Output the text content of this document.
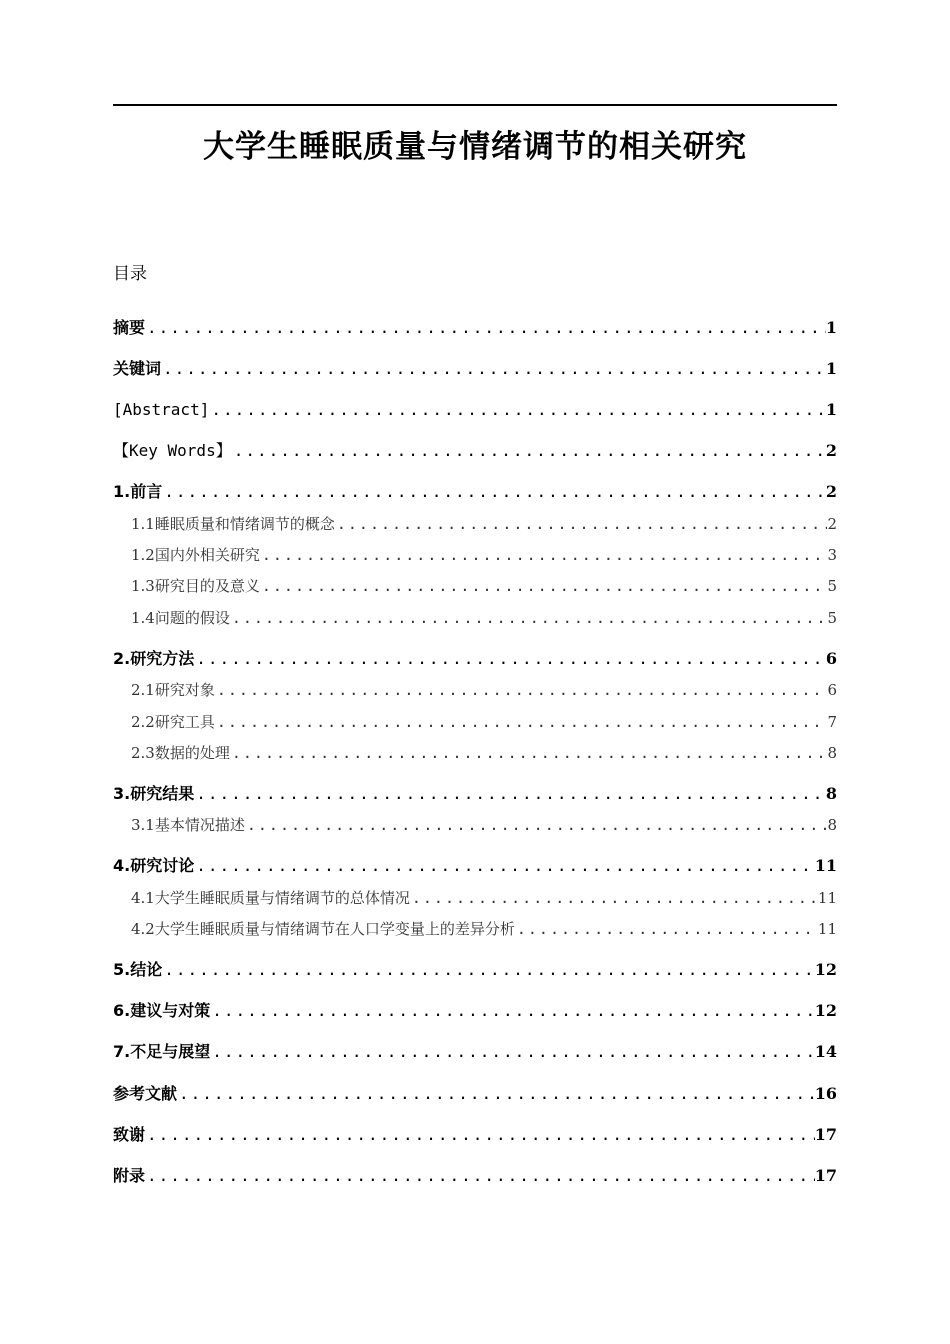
大学生睡眠质量与情绪调节的相关研究
目录
摘要 .....	1
关键词 .....	1
[Abstract] .....	1
【Key Words】 .....	2
1.前言 .....	2
1.1睡眠质量和情绪调节的概念 .....	2
1.2国内外相关研究 .....	3
1.3研究目的及意义 .....	5
1.4问题的假设 .....	5
2.研究方法 .....	6
2.1研究对象 .....	6
2.2研究工具 .....	7
2.3数据的处理 .....	8
3.研究结果 .....	8
3.1基本情况描述 .....	8
4.研究讨论 .....	11
4.1大学生睡眠质量与情绪调节的总体情况 .....	11
4.2大学生睡眠质量与情绪调节在人口学变量上的差异分析 .....	11
5.结论 .....	12
6.建议与对策 .....	12
7.不足与展望 .....	14
参考文献 .....	16
致谢 .....	17
附录 .....	17
